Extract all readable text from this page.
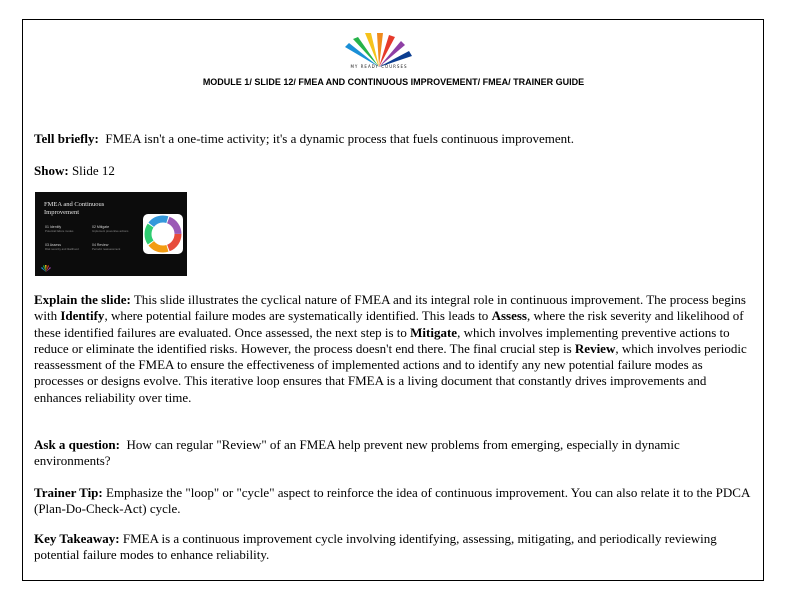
MY READY COURSES
MODULE 1/ SLIDE 12/ FMEA AND CONTINUOUS IMPROVEMENT/ FMEA/ TRAINER GUIDE

Tell briefly: FMEA isn't a one-time activity; it's a dynamic process that fuels continuous improvement.

Show: Slide 12

Explain the slide: This slide illustrates the cyclical nature of FMEA and its integral role in continuous improvement. The process begins with Identify, where potential failure modes are systematically identified. This leads to Assess, where the risk severity and likelihood of these identified failures are evaluated. Once assessed, the next step is to Mitigate, which involves implementing preventive actions to reduce or eliminate the identified risks. However, the process doesn't end there. The final crucial step is Review, which involves periodic reassessment of the FMEA to ensure the effectiveness of implemented actions and to identify any new potential failure modes as processes or designs evolve. This iterative loop ensures that FMEA is a living document that constantly drives improvements and enhances reliability over time.

Ask a question: How can regular "Review" of an FMEA help prevent new problems from emerging, especially in dynamic environments?

Trainer Tip: Emphasize the "loop" or "cycle" aspect to reinforce the idea of continuous improvement. You can also relate it to the PDCA (Plan-Do-Check-Act) cycle.

Key Takeaway: FMEA is a continuous improvement cycle involving identifying, assessing, mitigating, and periodically reviewing potential failure modes to enhance reliability.

FMEA and Continuous Improvement
01 Identify
Potential failure modes
02 Mitigate
Implement preventive actions
03 Assess
Risk severity and likelihood
04 Review
Periodic reassessment
